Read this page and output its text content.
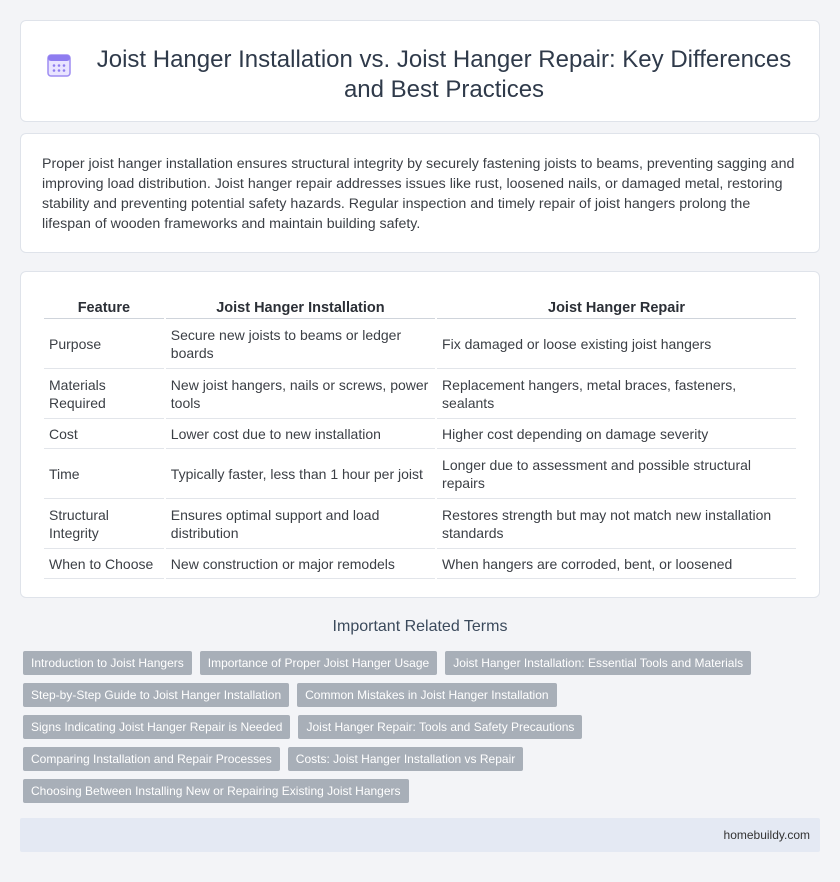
Joist Hanger Installation vs. Joist Hanger Repair: Key Differences and Best Practices

Proper joist hanger installation ensures structural integrity by securely fastening joists to beams, preventing sagging and improving load distribution. Joist hanger repair addresses issues like rust, loosened nails, or damaged metal, restoring stability and preventing potential safety hazards. Regular inspection and timely repair of joist hangers prolong the lifespan of wooden frameworks and maintain building safety.

Feature	Joist Hanger Installation	Joist Hanger Repair
Purpose	Secure new joists to beams or ledger boards	Fix damaged or loose existing joist hangers
Materials Required	New joist hangers, nails or screws, power tools	Replacement hangers, metal braces, fasteners, sealants
Cost	Lower cost due to new installation	Higher cost depending on damage severity
Time	Typically faster, less than 1 hour per joist	Longer due to assessment and possible structural repairs
Structural Integrity	Ensures optimal support and load distribution	Restores strength but may not match new installation standards
When to Choose	New construction or major remodels	When hangers are corroded, bent, or loosened
Important Related Terms
Introduction to Joist Hangers	Importance of Proper Joist Hanger Usage	Joist Hanger Installation: Essential Tools and Materials
Step-by-Step Guide to Joist Hanger Installation	Common Mistakes in Joist Hanger Installation
Signs Indicating Joist Hanger Repair is Needed	Joist Hanger Repair: Tools and Safety Precautions
Comparing Installation and Repair Processes	Costs: Joist Hanger Installation vs Repair
Choosing Between Installing New or Repairing Existing Joist Hangers
homebuildy.com
